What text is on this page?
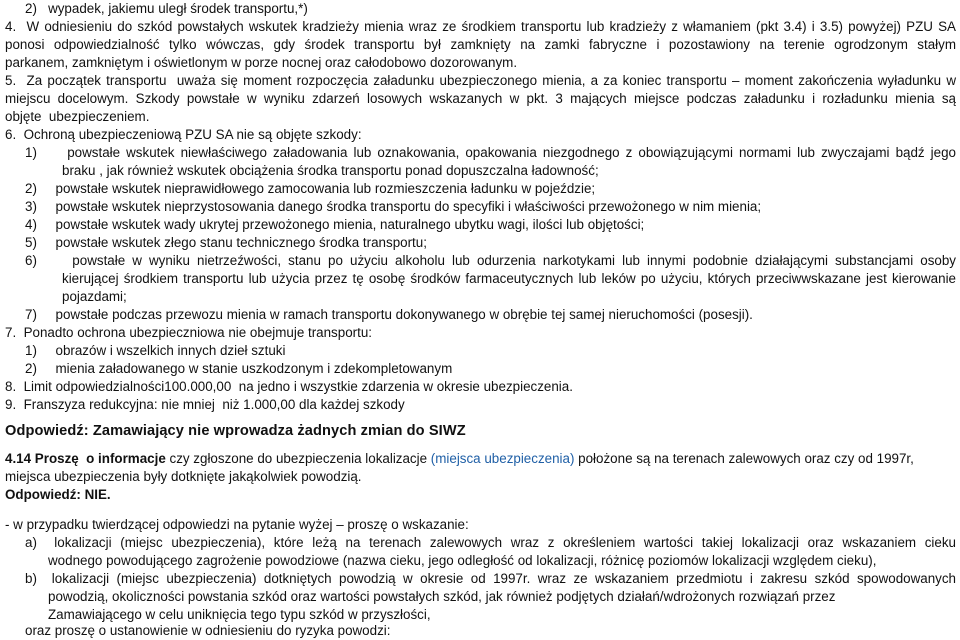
2)   wypadek, jakiemu uległ środek transportu,*)
4.  W odniesieniu do szkód powstałych wskutek kradzieży mienia wraz ze środkiem transportu lub kradzieży z włamaniem (pkt 3.4) i 3.5) powyżej) PZU SA
ponosi odpowiedzialność tylko wówczas, gdy środek transportu był zamknięty na zamki fabryczne i pozostawiony na terenie ogrodzonym stałym
parkanem, zamkniętym i oświetlonym w porze nocnej oraz całodobowo dozorowanym.
5.  Za początek transportu  uważa się moment rozpoczęcia załadunku ubezpieczonego mienia, a za koniec transportu – moment zakończenia wyładunku w
miejscu docelowym. Szkody powstałe w wyniku zdarzeń losowych wskazanych w pkt. 3 mających miejsce podczas załadunku i rozładunku mienia są
objęte  ubezpieczeniem.
6.  Ochroną ubezpieczeniową PZU SA nie są objęte szkody:
1)     powstałe wskutek niewłaściwego załadowania lub oznakowania, opakowania niezgodnego z obowiązującymi normami lub zwyczajami bądź jego
braku , jak również wskutek obciążenia środka transportu ponad dopuszczalna ładowność;
2)     powstałe wskutek nieprawidłowego zamocowania lub rozmieszczenia ładunku w pojeździe;
3)     powstałe wskutek nieprzystosowania danego środka transportu do specyfiki i właściwości przewożonego w nim mienia;
4)     powstałe wskutek wady ukrytej przewożonego mienia, naturalnego ubytku wagi, ilości lub objętości;
5)     powstałe wskutek złego stanu technicznego środka transportu;
6)     powstałe w wyniku nietrzeźwości, stanu po użyciu alkoholu lub odurzenia narkotykami lub innymi podobnie działającymi substancjami osoby
kierującej środkiem transportu lub użycia przez tę osobę środków farmaceutycznych lub leków po użyciu, których przeciwwskazane jest kierowanie
pojazdami;
7)     powstałe podczas przewozu mienia w ramach transportu dokonywanego w obrębie tej samej nieruchomości (posesji).
7.  Ponadto ochrona ubezpieczniowa nie obejmuje transportu:
1)     obrazów i wszelkich innych dzieł sztuki
2)     mienia załadowanego w stanie uszkodzonym i zdekompletowanym
8.  Limit odpowiedzialności100.000,00  na jedno i wszystkie zdarzenia w okresie ubezpieczenia.
9.  Franszyza redukcyjna: nie mniej  niż 1.000,00 dla każdej szkody
Odpowiedź: Zamawiający nie wprowadza żadnych zmian do SIWZ
4.14 Proszę  o informacje czy zgłoszone do ubezpieczenia lokalizacje (miejsca ubezpieczenia) położone są na terenach zalewowych oraz czy od 1997r,
miejsca ubezpieczenia były dotknięte jakąkolwiek powodzią.
Odpowiedź: NIE.
- w przypadku twierdzącej odpowiedzi na pytanie wyżej – proszę o wskazanie:
a)  lokalizacji (miejsc ubezpieczenia), które leżą na terenach zalewowych wraz z określeniem wartości takiej lokalizacji oraz wskazaniem cieku
wodnego powodującego zagrożenie powodziowe (nazwa cieku, jego odległość od lokalizacji, różnicę poziomów lokalizacji względem cieku),
b)  lokalizacji (miejsc ubezpieczenia) dotkniętych powodzią w okresie od 1997r. wraz ze wskazaniem przedmiotu i zakresu szkód spowodowanych
powodzią, okoliczności powstania szkód oraz wartości powstałych szkód, jak również podjętych działań/wdrożonych rozwiązań przez
Zamawiającego w celu uniknięcia tego typu szkód w przyszłości,
oraz proszę o ustanowienie w odniesieniu do ryzyka powodzi:
